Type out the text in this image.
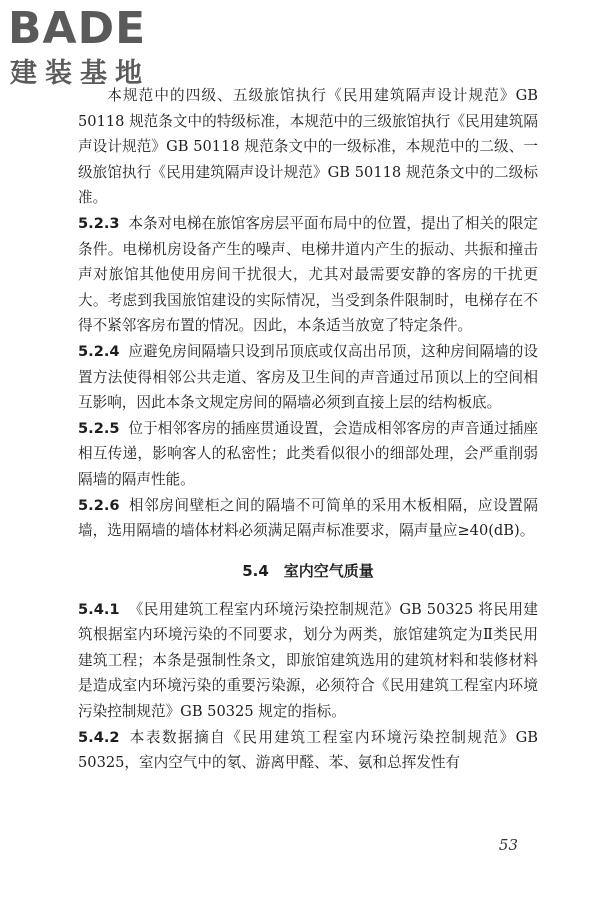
BADE
建装基地

本规范中的四级、五级旅馆执行《民用建筑隔声设计规范》GB 50118 规范条文中的特级标准，本规范中的三级旅馆执行《民用建筑隔声设计规范》GB 50118 规范条文中的一级标准，本规范中的二级、一级旅馆执行《民用建筑隔声设计规范》GB 50118 规范条文中的二级标准。

5.2.3 本条对电梯在旅馆客房层平面布局中的位置，提出了相关的限定条件。电梯机房设备产生的噪声、电梯井道内产生的振动、共振和撞击声对旅馆其他使用房间干扰很大，尤其对最需要安静的客房的干扰更大。考虑到我国旅馆建设的实际情况，当受到条件限制时，电梯存在不得不紧邻客房布置的情况。因此，本条适当放宽了特定条件。

5.2.4 应避免房间隔墙只设到吊顶底或仅高出吊顶，这种房间隔墙的设置方法使得相邻公共走道、客房及卫生间的声音通过吊顶以上的空间相互影响，因此本条文规定房间的隔墙必须到直接上层的结构板底。

5.2.5 位于相邻客房的插座贯通设置，会造成相邻客房的声音通过插座相互传递，影响客人的私密性；此类看似很小的细部处理，会严重削弱隔墙的隔声性能。

5.2.6 相邻房间壁柜之间的隔墙不可简单的采用木板相隔，应设置隔墙，选用隔墙的墙体材料必须满足隔声标准要求，隔声量应≥40(dB)。

5.4 室内空气质量

5.4.1 《民用建筑工程室内环境污染控制规范》GB 50325 将民用建筑根据室内环境污染的不同要求，划分为两类，旅馆建筑定为Ⅱ类民用建筑工程；本条是强制性条文，即旅馆建筑选用的建筑材料和装修材料是造成室内环境污染的重要污染源，必须符合《民用建筑工程室内环境污染控制规范》GB 50325 规定的指标。

5.4.2 本表数据摘自《民用建筑工程室内环境污染控制规范》GB 50325，室内空气中的氡、游离甲醛、苯、氨和总挥发性有

53
